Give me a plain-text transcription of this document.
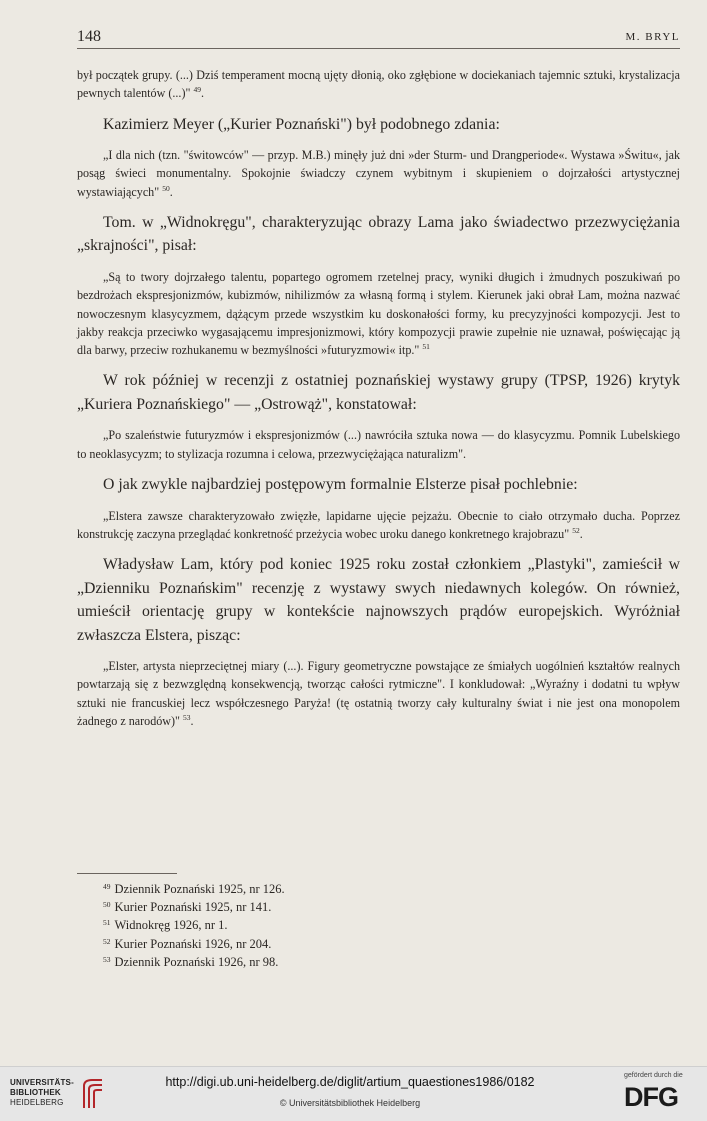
148	M. BRYL

był początek grupy. (...) Dziś temperament mocną ujęty dłonią, oko zgłębione w dociekaniach tajemnic sztuki, krystalizacja pewnych talentów (...)" $^{49}$.

Kazimierz Meyer („Kurier Poznański") był podobnego zdania:

„I dla nich (tzn. "świtowców" — przyp. M.B.) minęły już dni »der Sturm- und Drangperiode«. Wystawa »Świtu«, jak posąg świeci monumentalny. Spokojnie świadczy czynem wybitnym i skupieniem o dojrzałości artystycznej wystawiających" $^{50}$.

Tom. w „Widnokręgu", charakteryzując obrazy Lama jako świadectwo przezwyciężania „skrajności", pisał:

„Są to twory dojrzałego talentu, popartego ogromem rzetelnej pracy, wyniki długich i żmudnych poszukiwań po bezdrożach ekspresjonizmów, kubizmów, nihilizmów za własną formą i stylem. Kierunek jaki obrał Lam, można nazwać nowoczesnym klasycyzmem, dążącym przede wszystkim ku doskonałości formy, ku precyzyjności kompozycji. Jest to jakby reakcja przeciwko wygasającemu impresjonizmowi, który kompozycji prawie zupełnie nie uznawał, poświęcając ją dla barwy, przeciw rozhukanemu w bezmyślności »futuryzmowi« itp." $^{51}$

W rok później w recenzji z ostatniej poznańskiej wystawy grupy (TPSP, 1926) krytyk „Kuriera Poznańskiego" — „Ostrowąż", konstatował:

„Po szaleństwie futuryzmów i ekspresjonizmów (...) nawróciła sztuka nowa — do klasycyzmu. Pomnik Lubelskiego to neoklasycyzm; to stylizacja rozumna i celowa, przezwyciężająca naturalizm".

O jak zwykle najbardziej postępowym formalnie Elsterze pisał pochlebnie:

„Elstera zawsze charakteryzowało zwięzłe, lapidarne ujęcie pejzażu. Obecnie to ciało otrzymało ducha. Poprzez konstrukcję zaczyna przeglądać konkretność przeżycia wobec uroku danego konkretnego krajobrazu" $^{52}$.

Władysław Lam, który pod koniec 1925 roku został członkiem „Plastyki", zamieścił w „Dzienniku Poznańskim" recenzję z wystawy swych niedawnych kolegów. On również, umieścił orientację grupy w kontekście najnowszych prądów europejskich. Wyróżniał zwłaszcza Elstera, pisząc:

„Elster, artysta nieprzeciętnej miary (...). Figury geometryczne powstające ze śmiałych uogólnień kształtów realnych powtarzają się z bezwzględną konsekwencją, tworząc całości rytmiczne". I konkludował: „Wyraźny i dodatni tu wpływ sztuki nie francuskiej lecz współczesnego Paryża! (tę ostatnią tworzy cały kulturalny świat i nie jest ona monopolem żadnego z narodów)" $^{53}$.

$^{49}$ Dziennik Poznański 1925, nr 126.
$^{50}$ Kurier Poznański 1925, nr 141.
$^{51}$ Widnokręg 1926, nr 1.
$^{52}$ Kurier Poznański 1926, nr 204.
$^{53}$ Dziennik Poznański 1926, nr 98.
UNIVERSITÄTS-
BIBLIOTHEK
HEIDELBERG
http://digi.ub.uni-heidelberg.de/diglit/artium_quaestiones1986/0182
© Universitätsbibliothek Heidelberg
gefördert durch die
DFG
